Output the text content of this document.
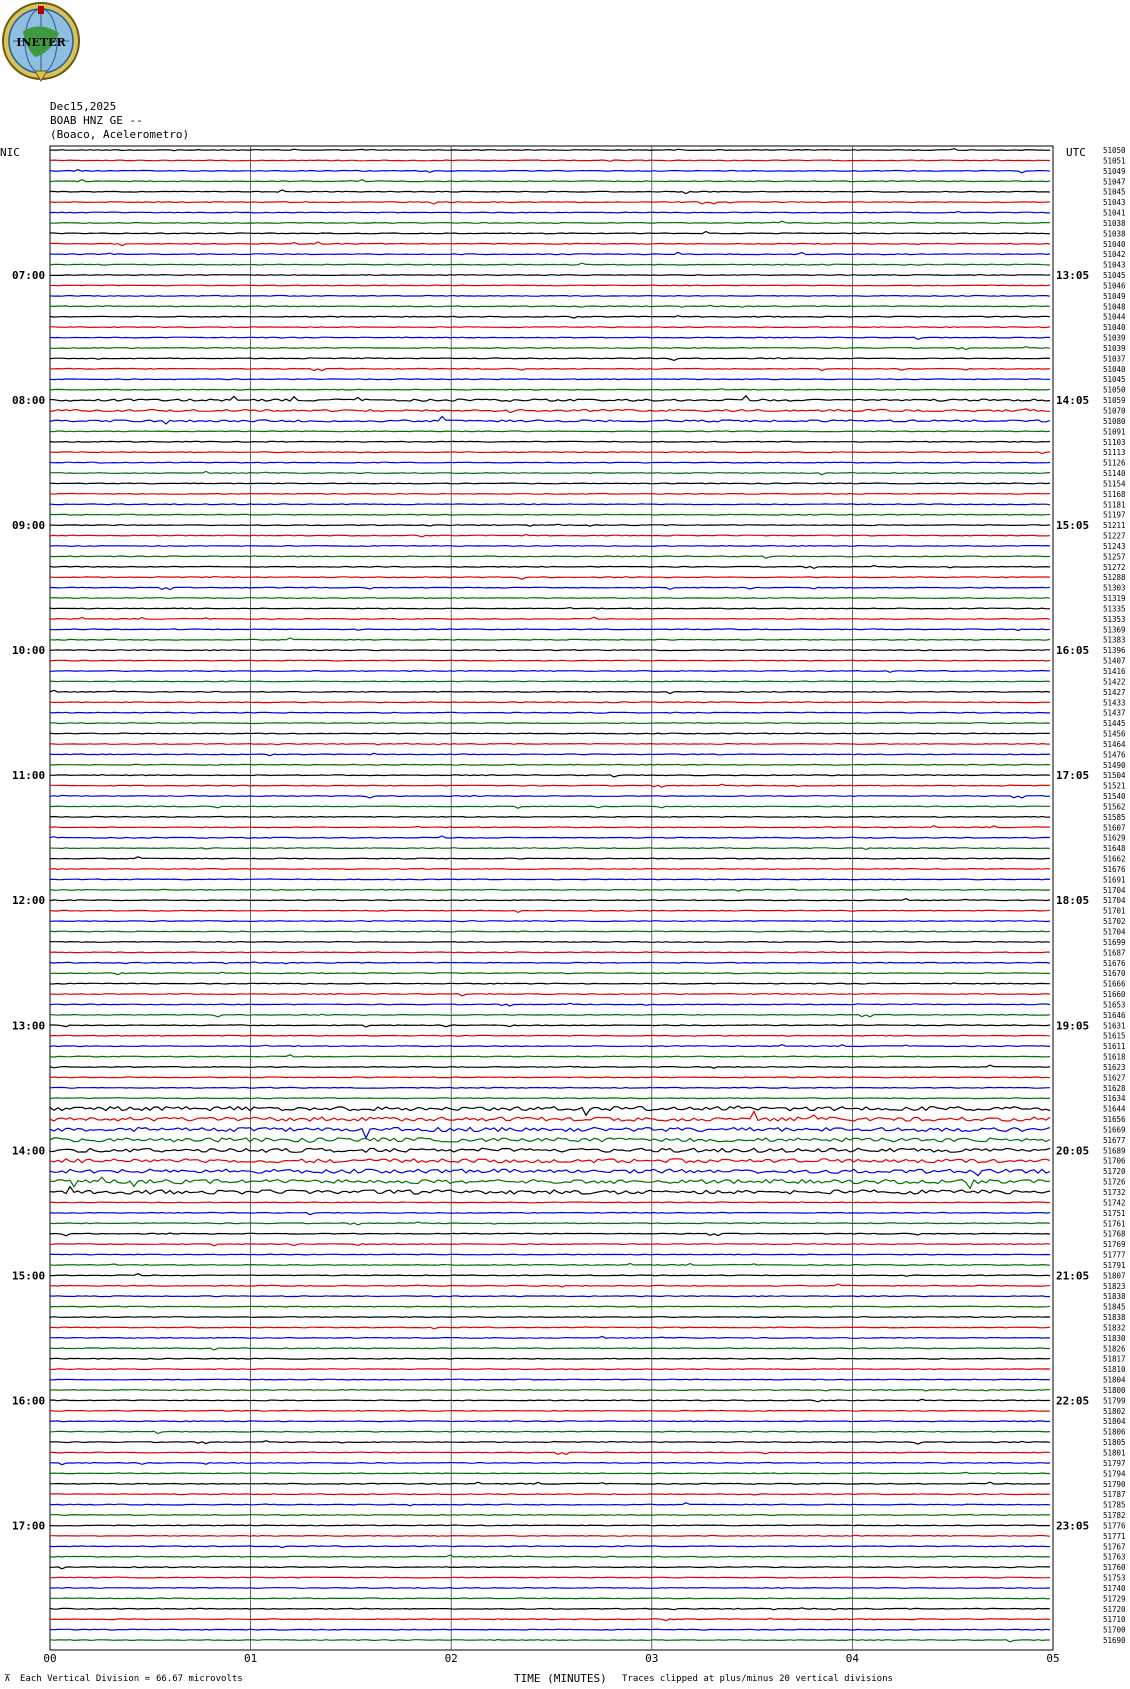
INETER
Dec15,2025
BOAB HNZ GE --
(Boaco, Acelerometro)
NIC	UTC
00	01	02	03	04	05
51050
51051
51049
51047
51045
51043
51041
51038
51038
51040
51042
51043
51045
51046
51049
51048
51044
51040
51039
51039
51037
51040
51045
51050
51059
51070
51080
51091
51103
51113
51126
51140
51154
51168
51181
51197
51211
51227
51243
51257
51272
51288
51303
51319
51335
51353
51369
51383
51396
51407
51416
51422
51427
51433
51437
51445
51456
51464
51476
51490
51504
51521
51540
51562
51585
51607
51629
51648
51662
51676
51691
51704
51704
51701
51702
51704
51699
51687
51676
51670
51666
51660
51653
51646
51631
51615
51611
51618
51623
51627
51628
51634
51644
51656
51669
51677
51689
51706
51720
51726
51732
51742
51751
51761
51768
51769
51777
51791
51807
51823
51838
51845
51838
51832
51830
51826
51817
51810
51804
51800
51799
51802
51804
51806
51805
51801
51797
51794
51790
51787
51785
51782
51776
51771
51767
51763
51760
51753
51740
51729
51720
51710
51700
51690
07:00	13:05
08:00	14:05
09:00	15:05
10:00	16:05
11:00	17:05
12:00	18:05
13:00	19:05
14:00	20:05
15:00	21:05
16:00	22:05
17:00	23:05
⊼ Each Vertical Division = 66.67 microvolts	TIME (MINUTES) Traces clipped at plus/minus 20 vertical divisions
